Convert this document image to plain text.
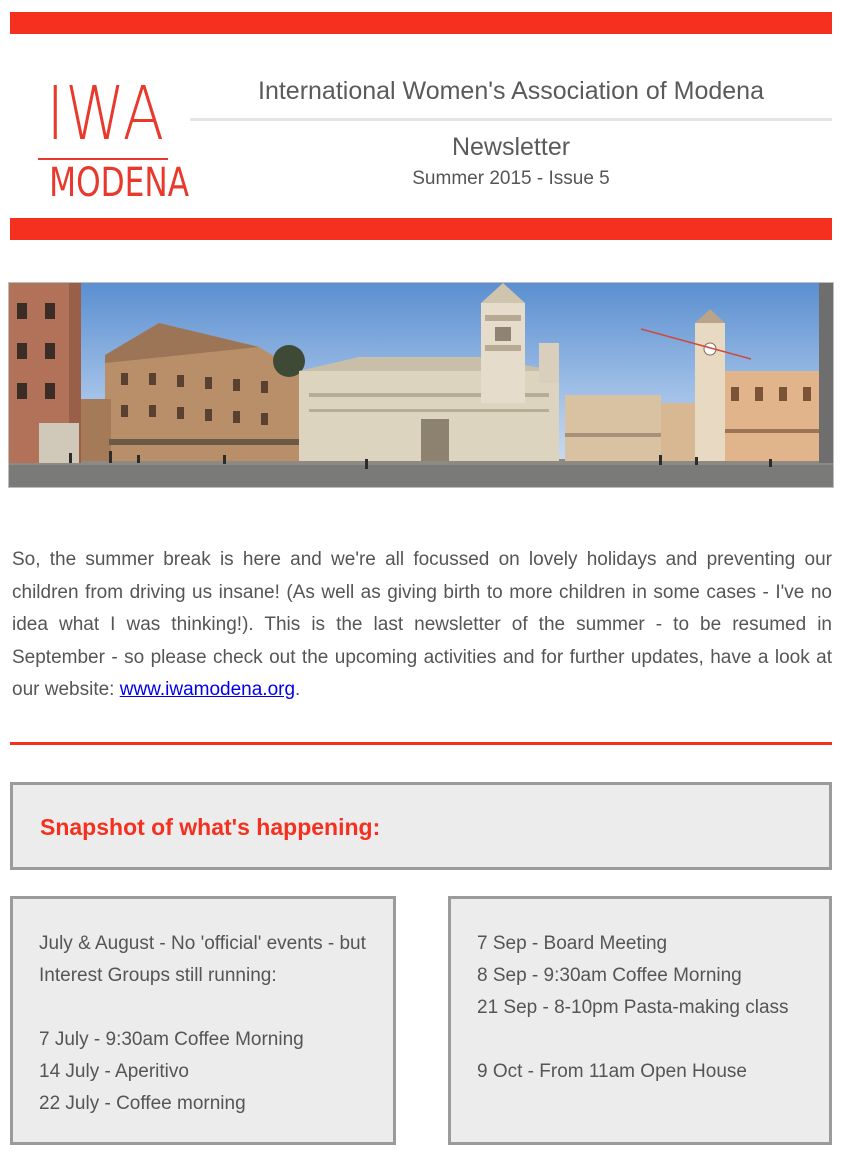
IWA
MODENA
International Women's Association of Modena
Newsletter
Summer 2015 - Issue 5
So, the summer break is here and we're all focussed on lovely holidays and preventing our children from driving us insane! (As well as giving birth to more children in some cases - I've no idea what I was thinking!). This is the last newsletter of the summer - to be resumed in September - so please check out the upcoming activities and for further updates, have a look at our website: www.iwamodena.org.
Snapshot of what's happening:
July & August - No 'official' events - but Interest Groups still running:
7 July - 9:30am Coffee Morning
14 July - Aperitivo
22 July - Coffee morning
7 Sep - Board Meeting
8 Sep - 9:30am Coffee Morning
21 Sep - 8-10pm Pasta-making class
9 Oct - From 11am Open House
